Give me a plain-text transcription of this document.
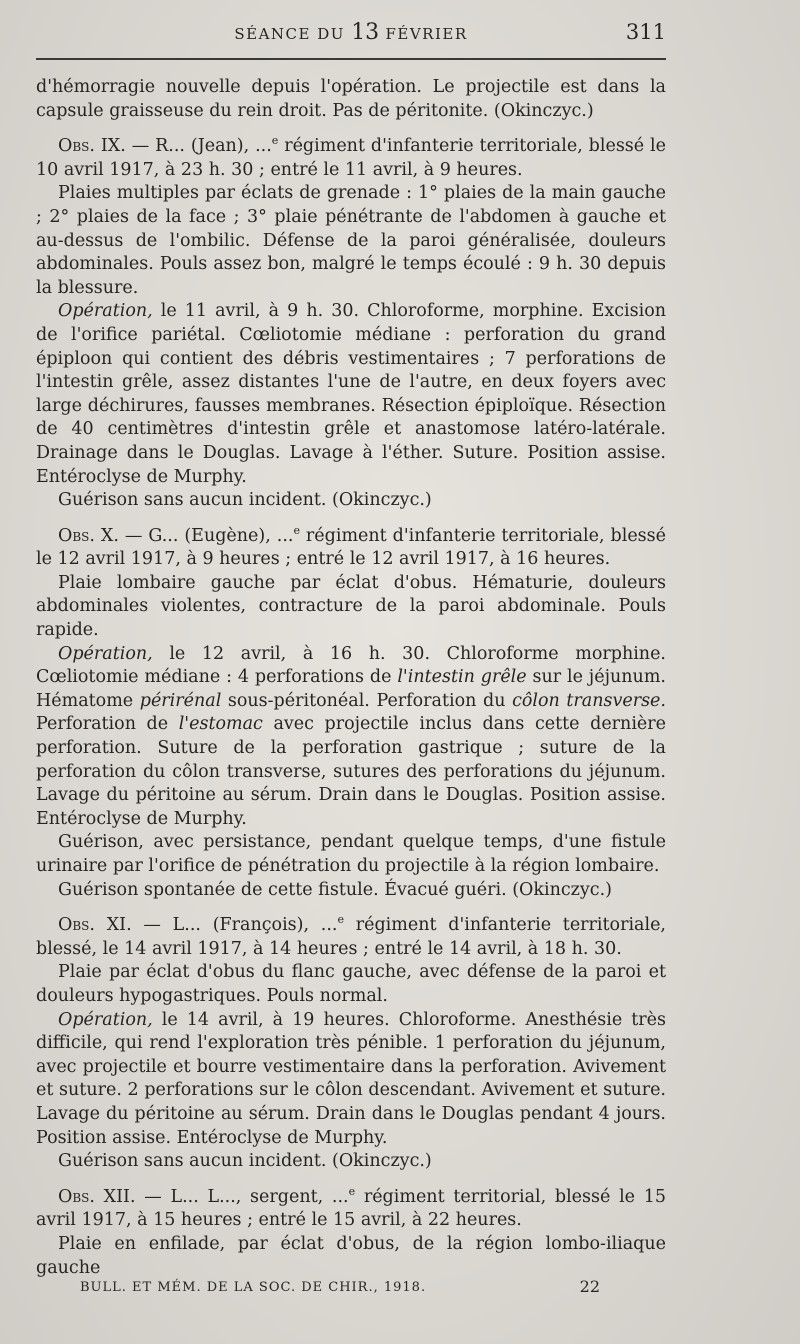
SÉANCE DU 13 FÉVRIER	311

d'hémorragie nouvelle depuis l'opération. Le projectile est dans la capsule graisseuse du rein droit. Pas de péritonite. (Okinczyc.)

Obs. IX. — R... (Jean), ...$^e$ régiment d'infanterie territoriale, blessé le 10 avril 1917, à 23 h. 30 ; entré le 11 avril, à 9 heures.

Plaies multiples par éclats de grenade : 1° plaies de la main gauche ; 2° plaies de la face ; 3° plaie pénétrante de l'abdomen à gauche et au-dessus de l'ombilic. Défense de la paroi généralisée, douleurs abdominales. Pouls assez bon, malgré le temps écoulé : 9 h. 30 depuis la blessure.

Opération, le 11 avril, à 9 h. 30. Chloroforme, morphine. Excision de l'orifice pariétal. Cœliotomie médiane : perforation du grand épiploon qui contient des débris vestimentaires ; 7 perforations de l'intestin grêle, assez distantes l'une de l'autre, en deux foyers avec large déchirures, fausses membranes. Résection épiploïque. Résection de 40 centimètres d'intestin grêle et anastomose latéro-latérale. Drainage dans le Douglas. Lavage à l'éther. Suture. Position assise. Entéroclyse de Murphy.

Guérison sans aucun incident. (Okinczyc.)

Obs. X. — G... (Eugène), ...$^e$ régiment d'infanterie territoriale, blessé le 12 avril 1917, à 9 heures ; entré le 12 avril 1917, à 16 heures.

Plaie lombaire gauche par éclat d'obus. Hématurie, douleurs abdominales violentes, contracture de la paroi abdominale. Pouls rapide.

Opération, le 12 avril, à 16 h. 30. Chloroforme morphine. Cœliotomie médiane : 4 perforations de l'intestin grêle sur le jéjunum. Hématome périrénal sous-péritonéal. Perforation du côlon transverse. Perforation de l'estomac avec projectile inclus dans cette dernière perforation. Suture de la perforation gastrique ; suture de la perforation du côlon transverse, sutures des perforations du jéjunum. Lavage du péritoine au sérum. Drain dans le Douglas. Position assise. Entéroclyse de Murphy.

Guérison, avec persistance, pendant quelque temps, d'une fistule urinaire par l'orifice de pénétration du projectile à la région lombaire.

Guérison spontanée de cette fistule. Évacué guéri. (Okinczyc.)

Obs. XI. — L... (François), ...$^e$ régiment d'infanterie territoriale, blessé, le 14 avril 1917, à 14 heures ; entré le 14 avril, à 18 h. 30.

Plaie par éclat d'obus du flanc gauche, avec défense de la paroi et douleurs hypogastriques. Pouls normal.

Opération, le 14 avril, à 19 heures. Chloroforme. Anesthésie très difficile, qui rend l'exploration très pénible. 1 perforation du jéjunum, avec projectile et bourre vestimentaire dans la perforation. Avivement et suture. 2 perforations sur le côlon descendant. Avivement et suture. Lavage du péritoine au sérum. Drain dans le Douglas pendant 4 jours. Position assise. Entéroclyse de Murphy.

Guérison sans aucun incident. (Okinczyc.)

Obs. XII. — L... L..., sergent, ...$^e$ régiment territorial, blessé le 15 avril 1917, à 15 heures ; entré le 15 avril, à 22 heures.

Plaie en enfilade, par éclat d'obus, de la région lombo-iliaque gauche

BULL. ET MÉM. DE LA SOC. DE CHIR., 1918.	22
